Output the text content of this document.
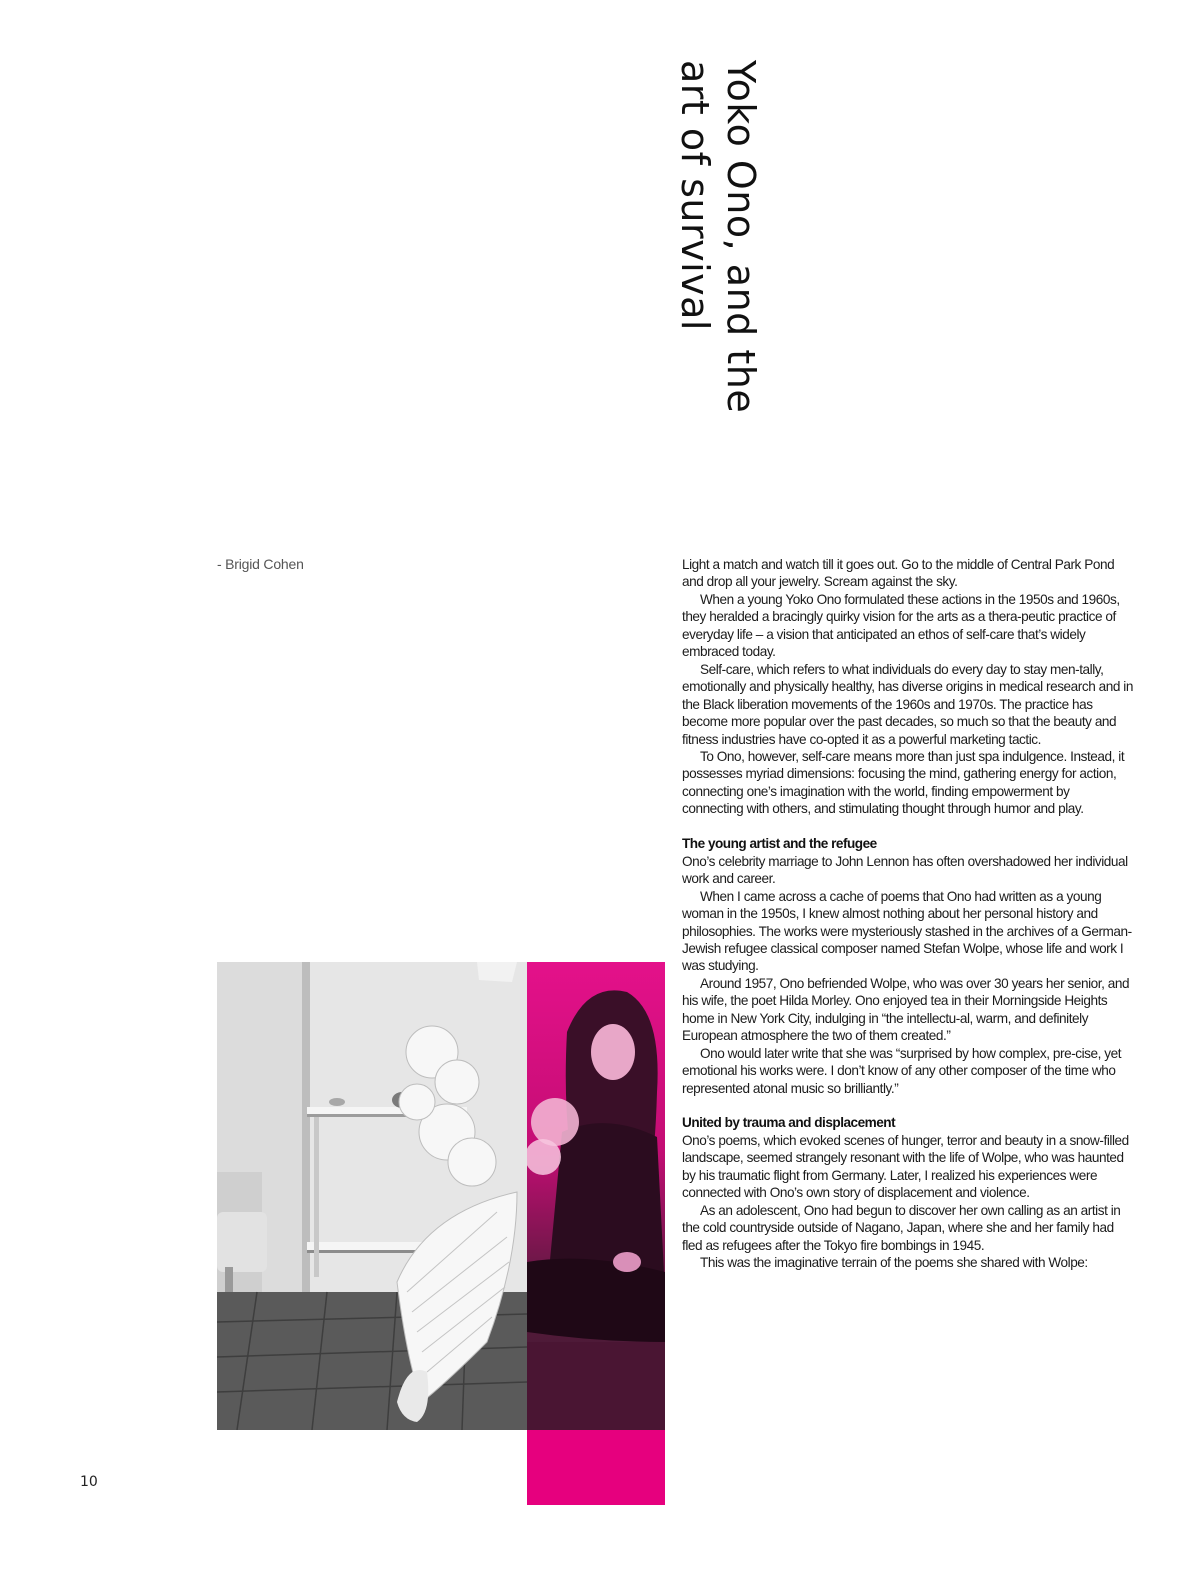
Yoko Ono, and the
art of survival
- Brigid Cohen	Light a match and watch till it goes out. Go to the middle of Central Park Pond and drop all your jewelry. Scream against the sky.

When a young Yoko Ono formulated these actions in the 1950s and 1960s, they heralded a bracingly quirky vision for the arts as a thera-peutic practice of everyday life – a vision that anticipated an ethos of self-care that’s widely embraced today.

Self-care, which refers to what individuals do every day to stay men-tally, emotionally and physically healthy, has diverse origins in medical research and in the Black liberation movements of the 1960s and 1970s. The practice has become more popular over the past decades, so much so that the beauty and fitness industries have co-opted it as a powerful marketing tactic.

To Ono, however, self-care means more than just spa indulgence. Instead, it possesses myriad dimensions: focusing the mind, gathering energy for action, connecting one’s imagination with the world, finding empowerment by connecting with others, and stimulating thought through humor and play.

The young artist and the refugee

Ono’s celebrity marriage to John Lennon has often overshadowed her individual work and career.

When I came across a cache of poems that Ono had written as a young woman in the 1950s, I knew almost nothing about her personal history and philosophies. The works were mysteriously stashed in the archives of a German-Jewish refugee classical composer named Stefan Wolpe, whose life and work I was studying.

Around 1957, Ono befriended Wolpe, who was over 30 years her senior, and his wife, the poet Hilda Morley. Ono enjoyed tea in their Morningside Heights home in New York City, indulging in “the intellectu-al, warm, and definitely European atmosphere the two of them created.”

Ono would later write that she was “surprised by how complex, pre-cise, yet emotional his works were. I don’t know of any other composer of the time who represented atonal music so brilliantly.”

United by trauma and displacement

Ono’s poems, which evoked scenes of hunger, terror and beauty in a snow-filled landscape, seemed strangely resonant with the life of Wolpe, who was haunted by his traumatic flight from Germany. Later, I realized his experiences were connected with Ono’s own story of displacement and violence.

As an adolescent, Ono had begun to discover her own calling as an artist in the cold countryside outside of Nagano, Japan, where she and her family had fled as refugees after the Tokyo fire bombings in 1945.

This was the imaginative terrain of the poems she shared with Wolpe:

10
